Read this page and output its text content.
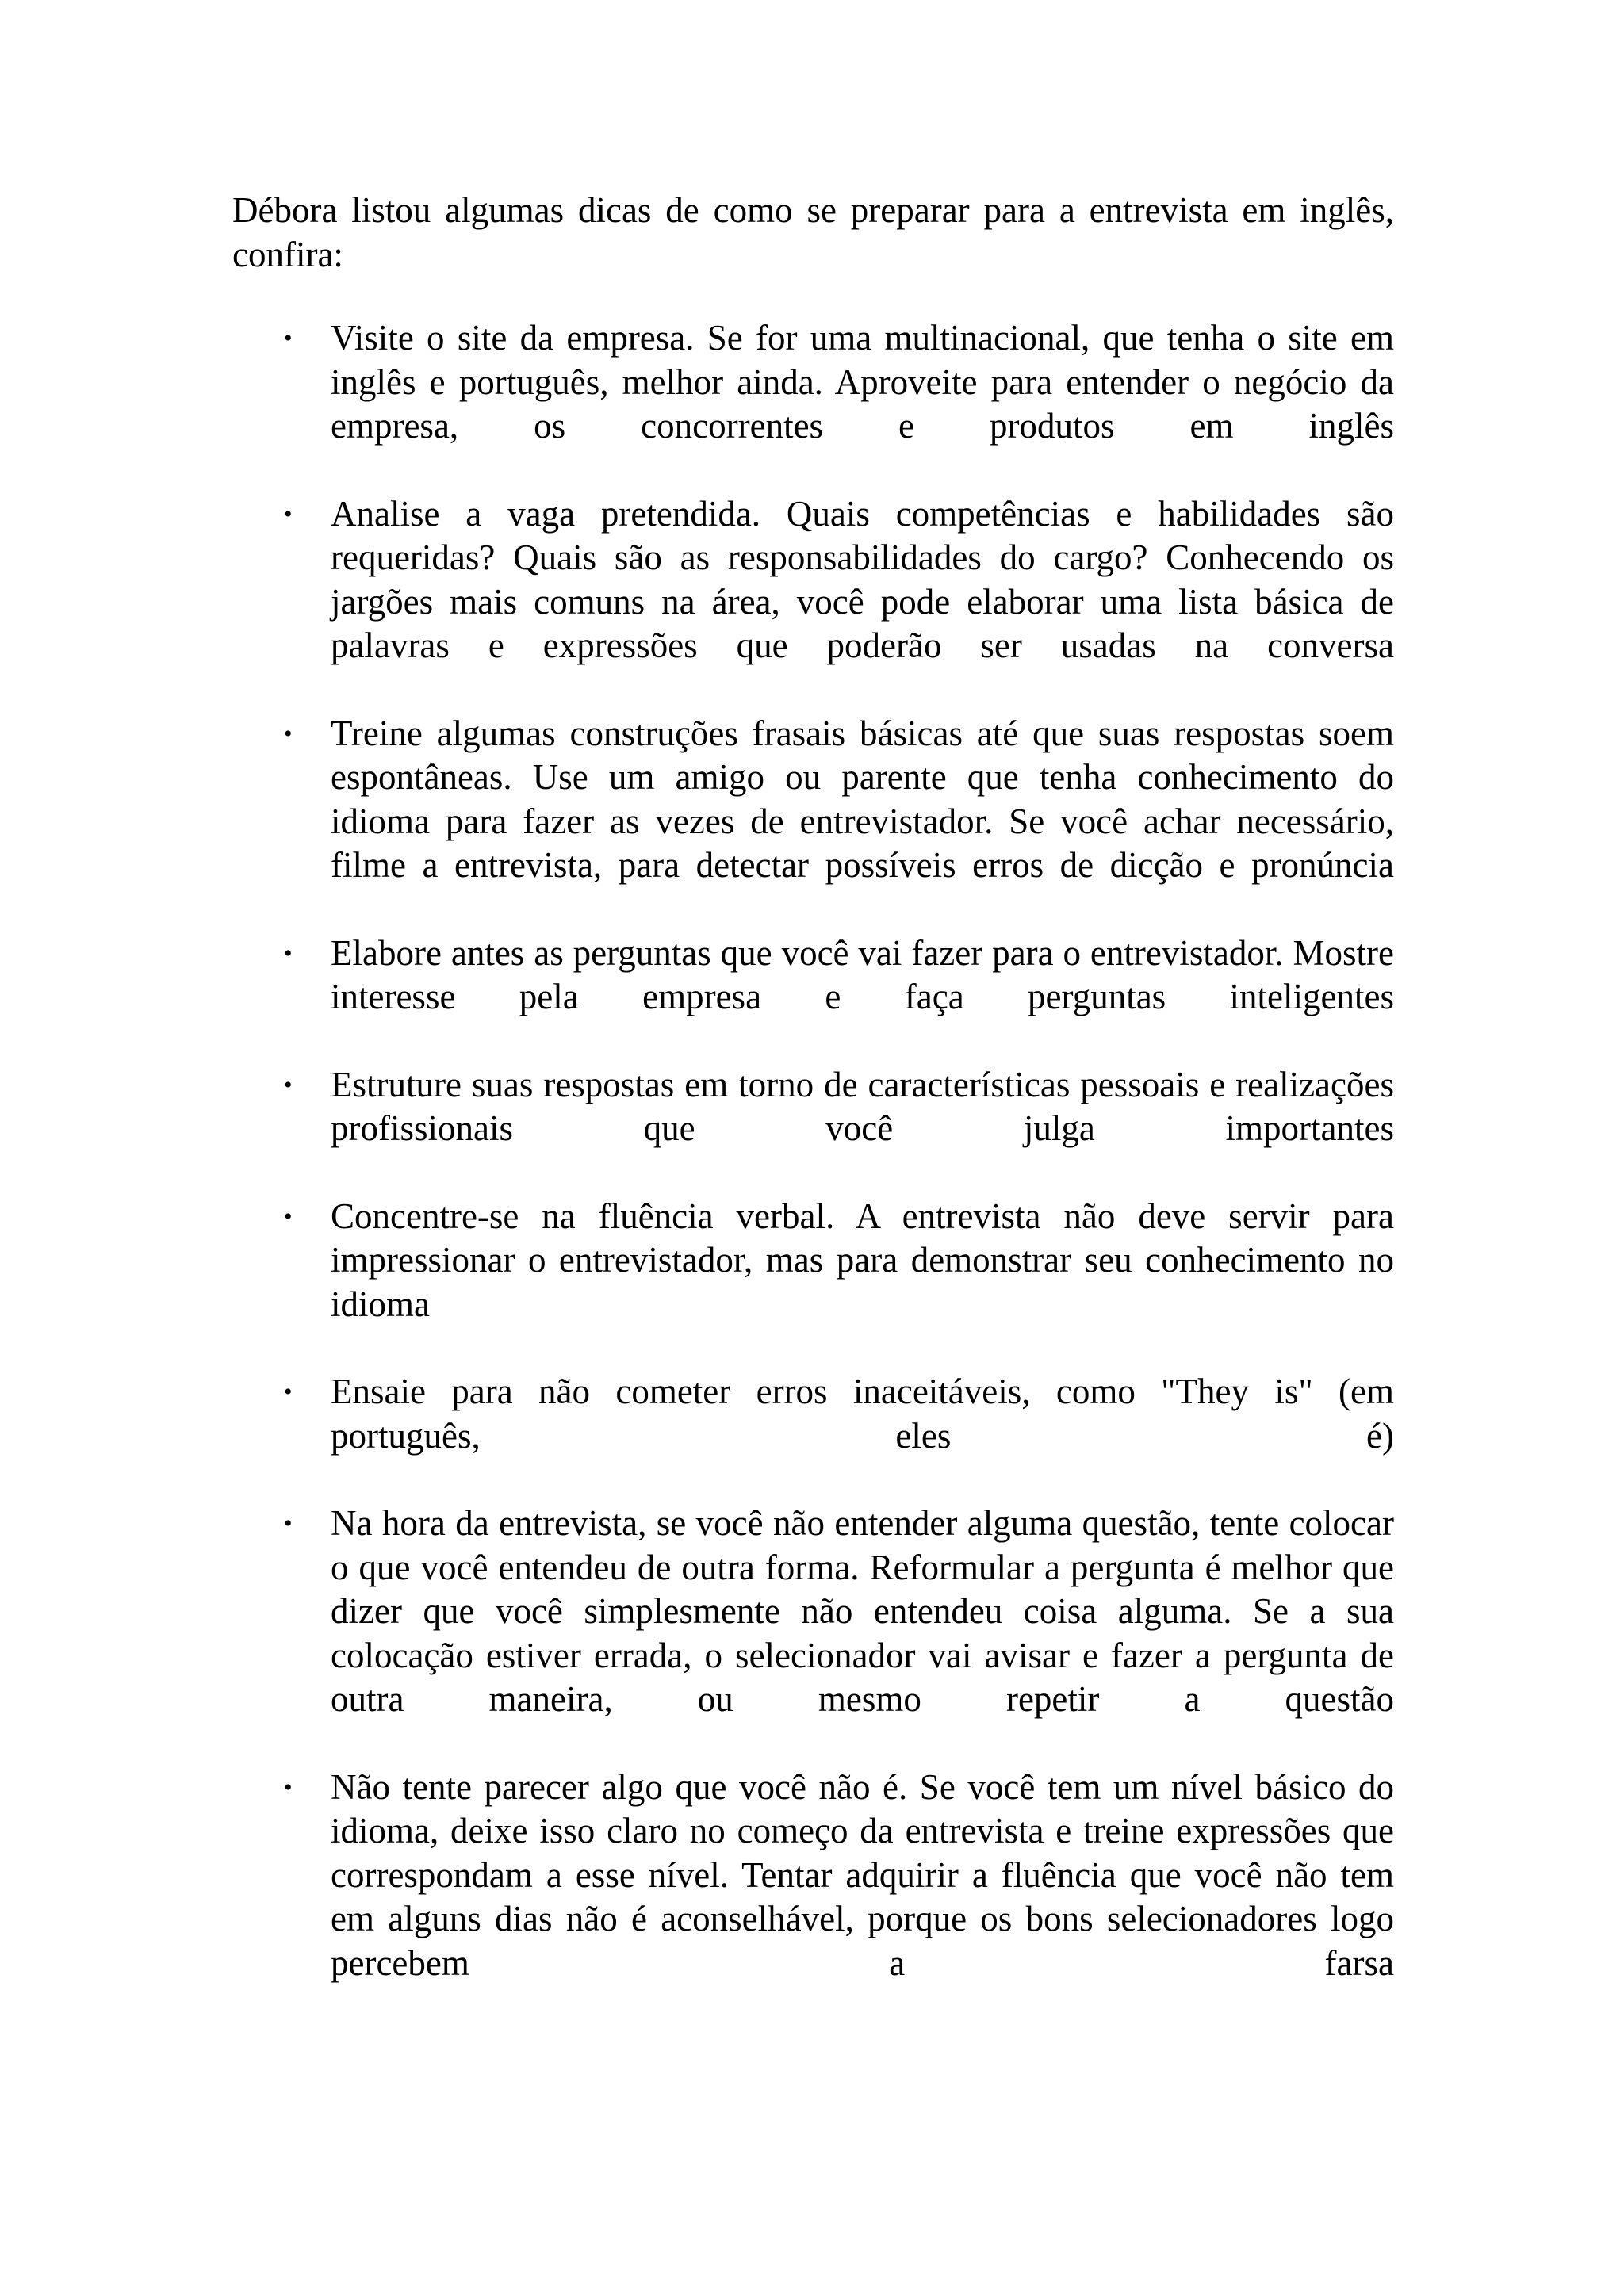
Débora listou algumas dicas de como se preparar para a entrevista em inglês, confira:

• Visite o site da empresa. Se for uma multinacional, que tenha o site em inglês e português, melhor ainda. Aproveite para entender o negócio da empresa, os concorrentes e produtos em inglês
• Analise a vaga pretendida. Quais competências e habilidades são requeridas? Quais são as responsabilidades do cargo? Conhecendo os jargões mais comuns na área, você pode elaborar uma lista básica de palavras e expressões que poderão ser usadas na conversa
• Treine algumas construções frasais básicas até que suas respostas soem espontâneas. Use um amigo ou parente que tenha conhecimento do idioma para fazer as vezes de entrevistador. Se você achar necessário, filme a entrevista, para detectar possíveis erros de dicção e pronúncia
• Elabore antes as perguntas que você vai fazer para o entrevistador. Mostre interesse pela empresa e faça perguntas inteligentes
• Estruture suas respostas em torno de características pessoais e realizações profissionais que você julga importantes
• Concentre-se na fluência verbal. A entrevista não deve servir para impressionar o entrevistador, mas para demonstrar seu conhecimento no idioma
• Ensaie para não cometer erros inaceitáveis, como "They is" (em português, eles é)
• Na hora da entrevista, se você não entender alguma questão, tente colocar o que você entendeu de outra forma. Reformular a pergunta é melhor que dizer que você simplesmente não entendeu coisa alguma. Se a sua colocação estiver errada, o selecionador vai avisar e fazer a pergunta de outra maneira, ou mesmo repetir a questão
• Não tente parecer algo que você não é. Se você tem um nível básico do idioma, deixe isso claro no começo da entrevista e treine expressões que correspondam a esse nível. Tentar adquirir a fluência que você não tem em alguns dias não é aconselhável, porque os bons selecionadores logo percebem a farsa
